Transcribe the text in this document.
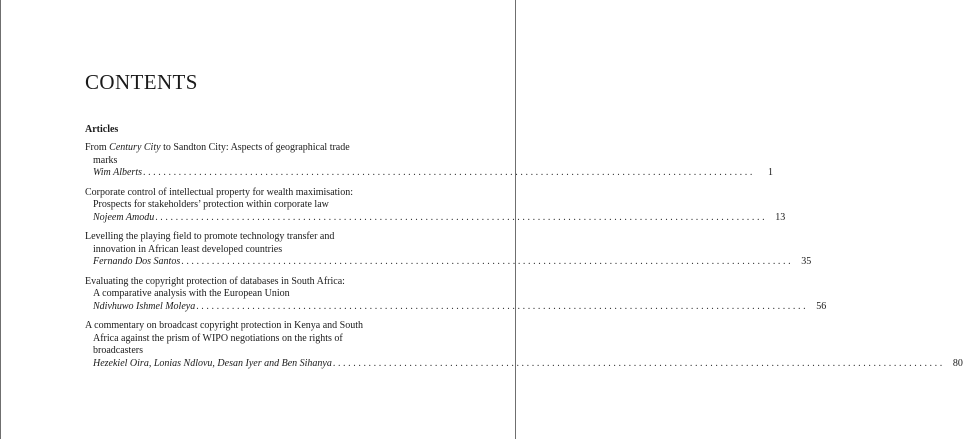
CONTENTS
Articles
From Century City to Sandton City: Aspects of geographical trade
marks
Wim Alberts ........................................................................................................................	1
Corporate control of intellectual property for wealth maximisation:
Prospects for stakeholders’ protection within corporate law
Nojeem Amodu ........................................................................................................................ 13
Levelling the playing field to promote technology transfer and
innovation in African least developed countries
Fernando Dos Santos ........................................................................................................................ 35
Evaluating the copyright protection of databases in South Africa:
A comparative analysis with the European Union
Ndivhuwo Ishmel Moleya ........................................................................................................................ 56
A commentary on broadcast copyright protection in Kenya and South
Africa against the prism of WIPO negotiations on the rights of
broadcasters
Hezekiel Oira, Lonias Ndlovu, Desan Iyer and Ben Sihanya ........................................................................................................................ 80
